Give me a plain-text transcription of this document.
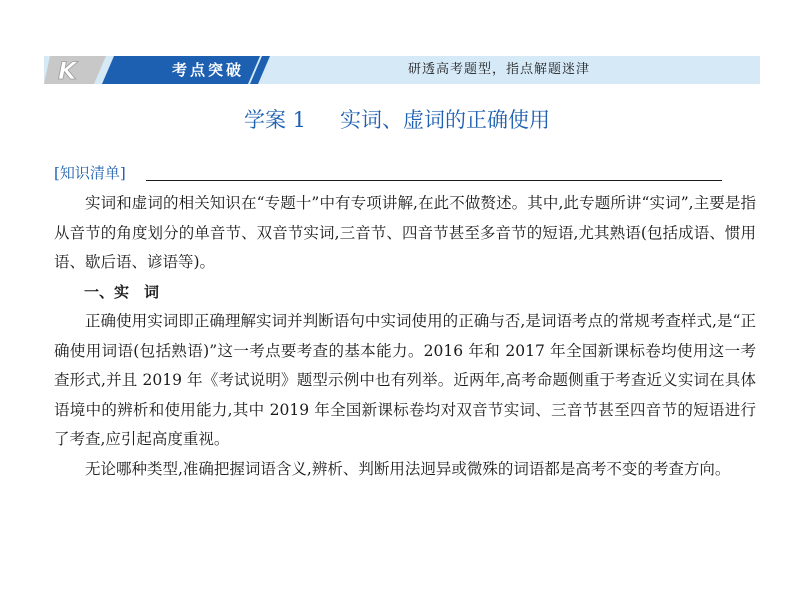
K	考点突破	研透高考题型，指点解题迷津
学案 1 实词、虚词的正确使用
[知识清单]

实词和虚词的相关知识在“专题十”中有专项讲解,在此不做赘述。其中,此专题所讲“实词”,主要是指从音节的角度划分的单音节、双音节实词,三音节、四音节甚至多音节的短语,尤其熟语(包括成语、惯用语、歇后语、谚语等)。

一、实　词

正确使用实词即正确理解实词并判断语句中实词使用的正确与否,是词语考点的常规考查样式,是“正确使用词语(包括熟语)”这一考点要考查的基本能力。2016 年和 2017 年全国新课标卷均使用这一考查形式,并且 2019 年《考试说明》题型示例中也有列举。近两年,高考命题侧重于考查近义实词在具体语境中的辨析和使用能力,其中 2019 年全国新课标卷均对双音节实词、三音节甚至四音节的短语进行了考查,应引起高度重视。

无论哪种类型,准确把握词语含义,辨析、判断用法迥异或微殊的词语都是高考不变的考查方向。
